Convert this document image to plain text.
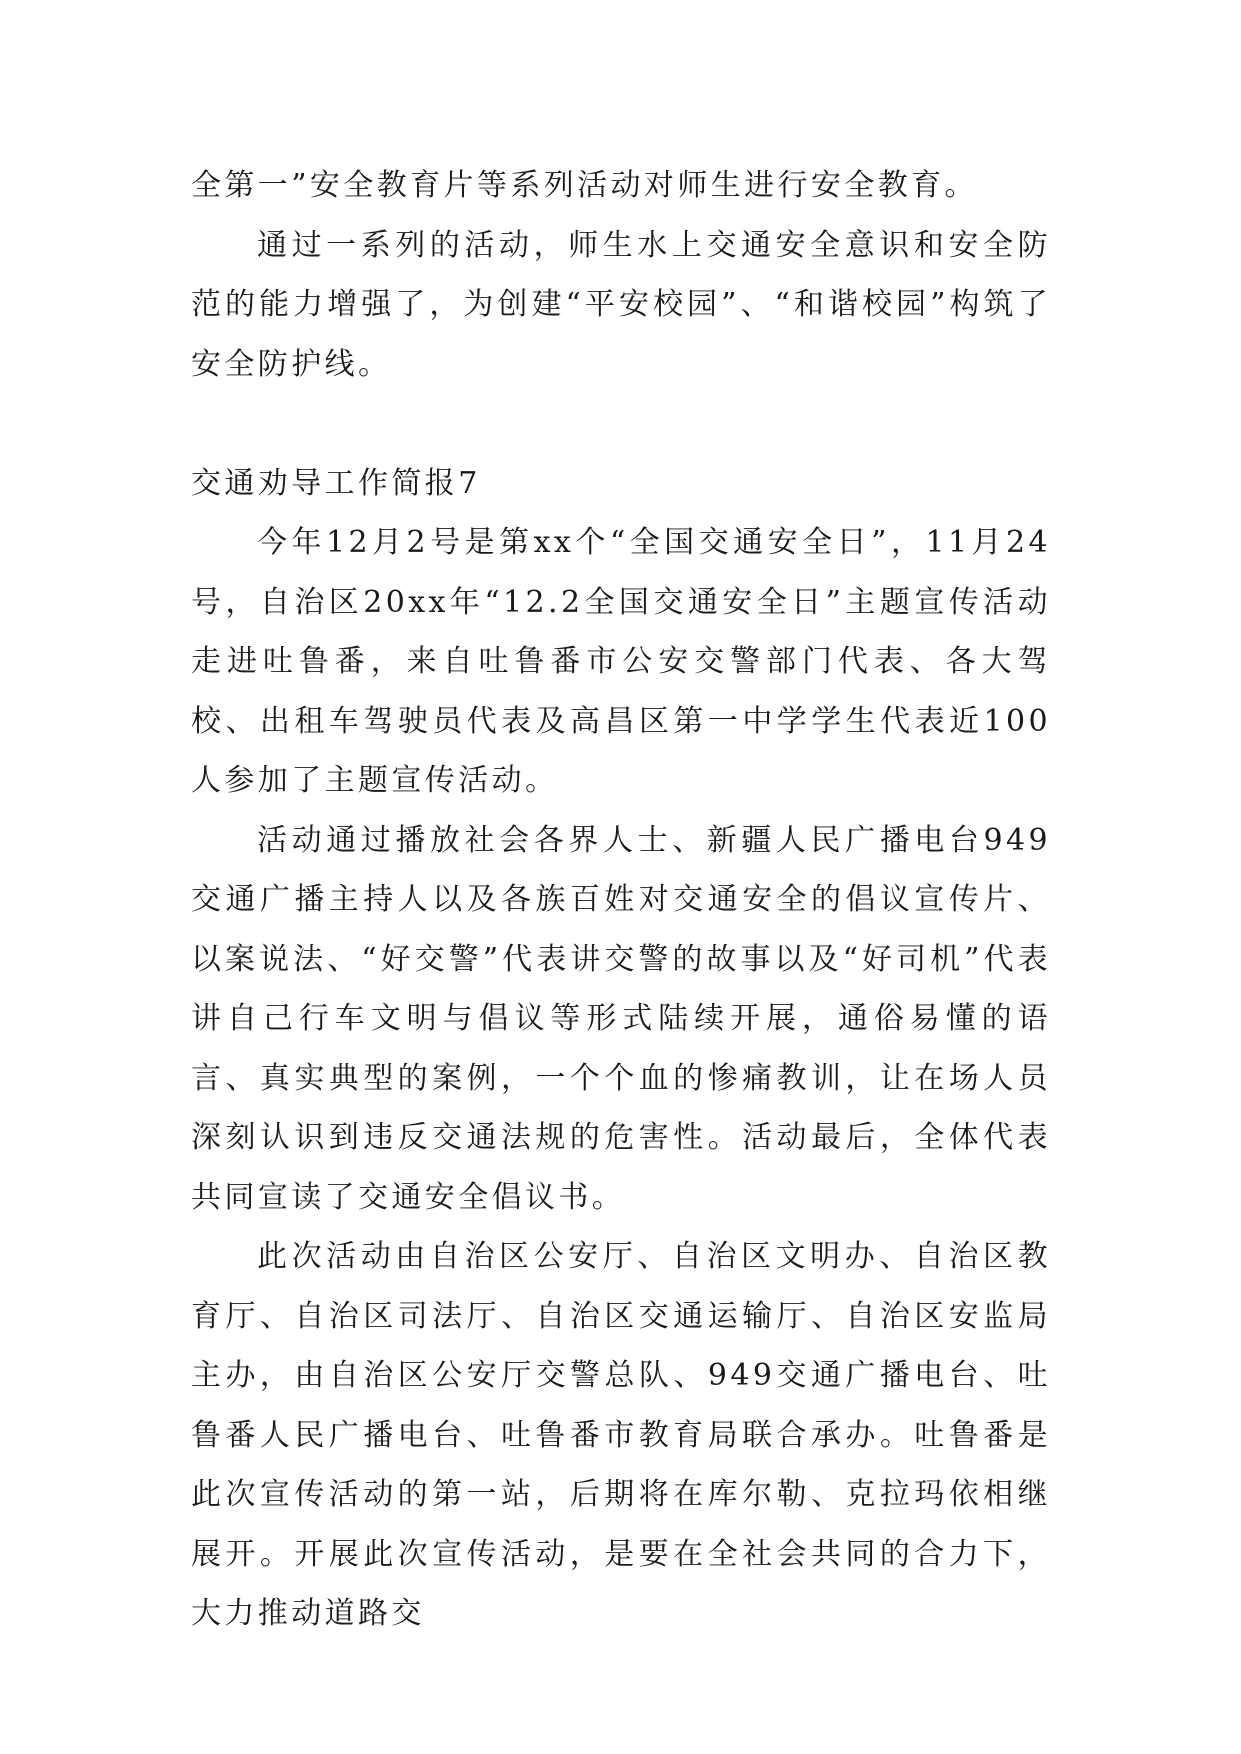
全第一”安全教育片等系列活动对师生进行安全教育。

通过一系列的活动，师生水上交通安全意识和安全防范的能力增强了，为创建“平安校园”、“和谐校园”构筑了安全防护线。

交通劝导工作简报7

今年12月2号是第xx个“全国交通安全日”，11月24号，自治区20xx年“12.2全国交通安全日”主题宣传活动走进吐鲁番，来自吐鲁番市公安交警部门代表、各大驾校、出租车驾驶员代表及高昌区第一中学学生代表近100人参加了主题宣传活动。

活动通过播放社会各界人士、新疆人民广播电台949交通广播主持人以及各族百姓对交通安全的倡议宣传片、以案说法、“好交警”代表讲交警的故事以及“好司机”代表讲自己行车文明与倡议等形式陆续开展，通俗易懂的语言、真实典型的案例，一个个血的惨痛教训，让在场人员深刻认识到违反交通法规的危害性。活动最后，全体代表共同宣读了交通安全倡议书。

此次活动由自治区公安厅、自治区文明办、自治区教育厅、自治区司法厅、自治区交通运输厅、自治区安监局主办，由自治区公安厅交警总队、949交通广播电台、吐鲁番人民广播电台、吐鲁番市教育局联合承办。吐鲁番是此次宣传活动的第一站，后期将在库尔勒、克拉玛依相继展开。开展此次宣传活动，是要在全社会共同的合力下，大力推动道路交
